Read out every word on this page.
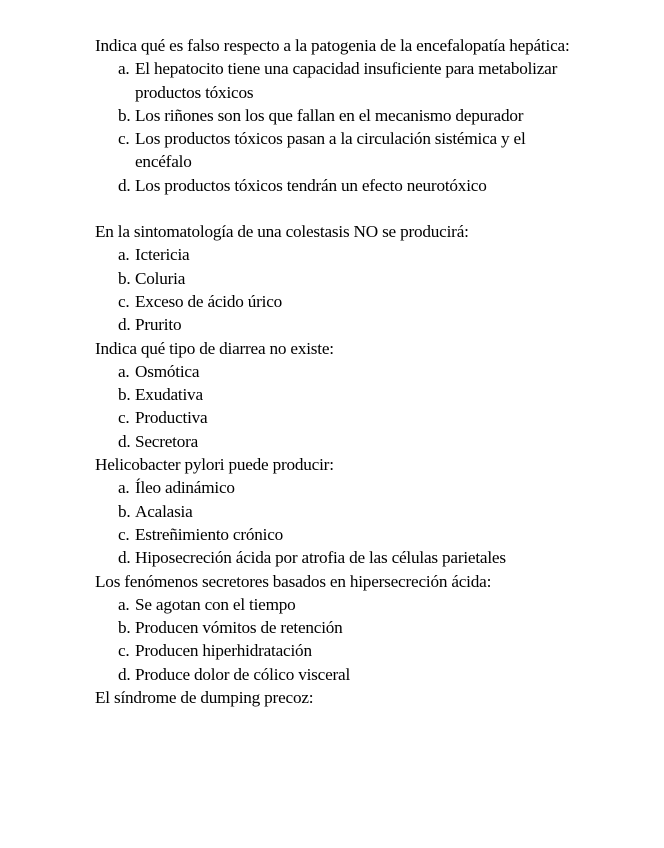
Indica qué es falso respecto a la patogenia de la encefalopatía hepática:
a. El hepatocito tiene una capacidad insuficiente para metabolizar productos tóxicos
b. Los riñones son los que fallan en el mecanismo depurador
c. Los productos tóxicos pasan a la circulación sistémica y el encéfalo
d. Los productos tóxicos tendrán un efecto neurotóxico
En la sintomatología de una colestasis NO se producirá:
a. Ictericia
b. Coluria
c. Exceso de ácido úrico
d. Prurito
Indica qué tipo de diarrea no existe:
a. Osmótica
b. Exudativa
c. Productiva
d. Secretora
Helicobacter pylori puede producir:
a. Íleo adinámico
b. Acalasia
c. Estreñimiento crónico
d. Hiposecreción ácida por atrofia de las células parietales
Los fenómenos secretores basados en hipersecreción ácida:
a. Se agotan con el tiempo
b. Producen vómitos de retención
c. Producen hiperhidratación
d. Produce dolor de cólico visceral
El síndrome de dumping precoz:
